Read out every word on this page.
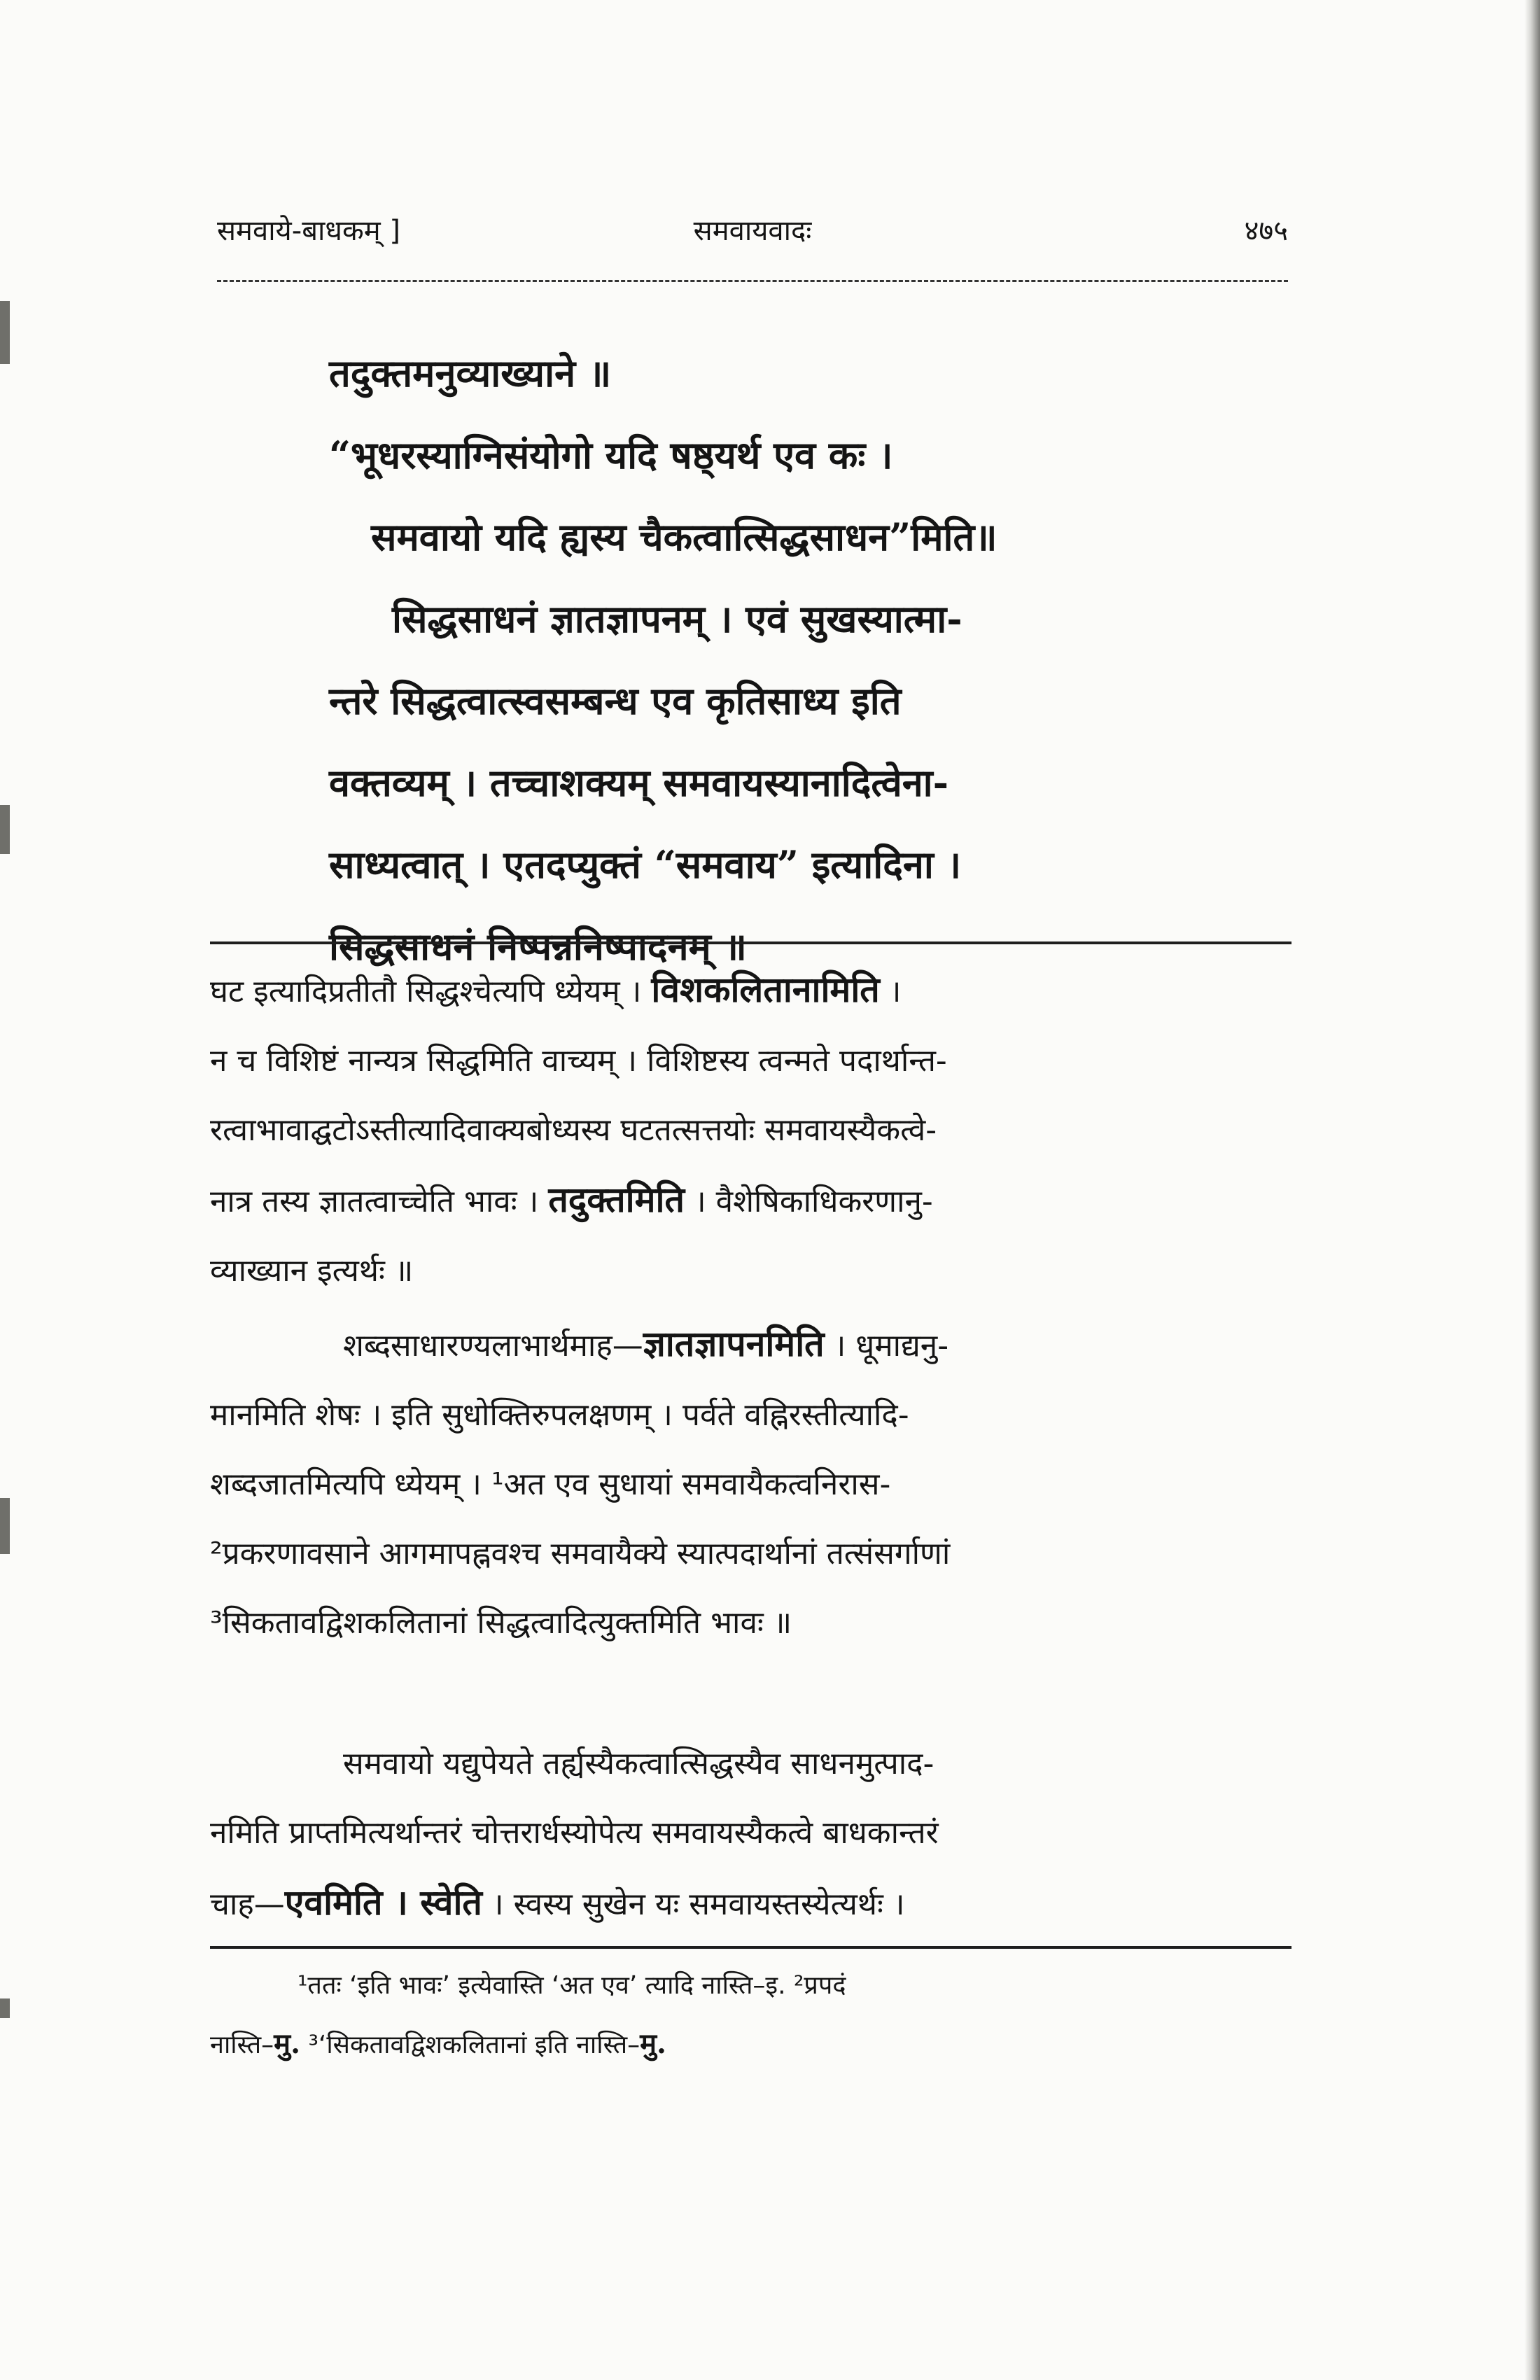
समवाये-बाधकम् ]	समवायवादः	४७५
तदुक्तमनुव्याख्याने ॥
“भूधरस्याग्निसंयोगो यदि षष्ठ्यर्थ एव कः ।
समवायो यदि ह्यस्य चैकत्वात्सिद्धसाधन”मिति॥
सिद्धसाधनं ज्ञातज्ञापनम् । एवं सुखस्यात्मा-
न्तरे सिद्धत्वात्स्वसम्बन्ध एव कृतिसाध्य इति
वक्तव्यम् । तच्चाशक्यम् समवायस्यानादित्वेना-
साध्यत्वात् । एतदप्युक्तं “समवाय” इत्यादिना ।
सिद्धसाधनं निष्पन्ननिष्पादनम् ॥
घट इत्यादिप्रतीतौ सिद्धश्चेत्यपि ध्येयम् । विशकलितानामिति ।
न च विशिष्टं नान्यत्र सिद्धमिति वाच्यम् । विशिष्टस्य त्वन्मते पदार्थान्त-
रत्वाभावाद्घटोऽस्तीत्यादिवाक्यबोध्यस्य घटतत्सत्तयोः समवायस्यैकत्वे-
नात्र तस्य ज्ञातत्वाच्चेति भावः । तदुक्तमिति । वैशेषिकाधिकरणानु-
व्याख्यान इत्यर्थः ॥
शब्दसाधारण्यलाभार्थमाह—ज्ञातज्ञापनमिति । धूमाद्यनु-
मानमिति शेषः । इति सुधोक्तिरुपलक्षणम् । पर्वते वह्निरस्तीत्यादि-
शब्दजातमित्यपि ध्येयम् । ¹अत एव सुधायां समवायैकत्वनिरास-
²प्रकरणावसाने आगमापह्नवश्च समवायैक्ये स्यात्पदार्थानां तत्संसर्गाणां
³सिकतावद्विशकलितानां सिद्धत्वादित्युक्तमिति भावः ॥
समवायो यद्युपेयते तर्ह्यस्यैकत्वात्सिद्धस्यैव साधनमुत्पाद-
नमिति प्राप्तमित्यर्थान्तरं चोत्तरार्धस्योपेत्य समवायस्यैकत्वे बाधकान्तरं
चाह—एवमिति । स्वेति । स्वस्य सुखेन यः समवायस्तस्येत्यर्थः ।
¹ततः ‘इति भावः’ इत्येवास्ति ‘अत एव’ त्यादि नास्ति–इ. ²प्रपदं
नास्ति–मु. ³‘सिकतावद्विशकलितानां इति नास्ति–मु.
